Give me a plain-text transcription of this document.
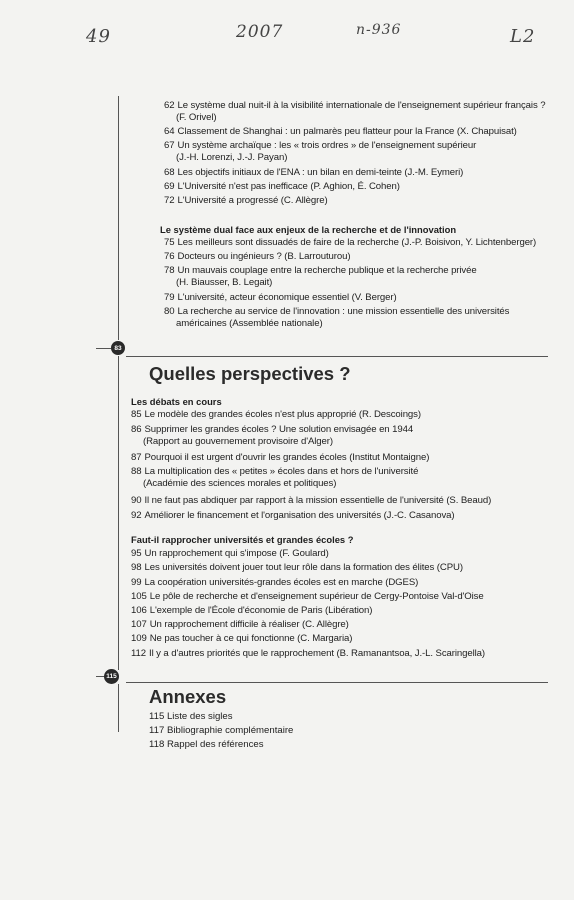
49	2007	n-936	L2
83
115
62 Le système dual nuit-il à la visibilité internationale de l'enseignement supérieur français ?
(F. Orivel)
64 Classement de Shanghai : un palmarès peu flatteur pour la France (X. Chapuisat)
67 Un système archaïque : les « trois ordres » de l'enseignement supérieur
(J.-H. Lorenzi, J.-J. Payan)
68 Les objectifs initiaux de l'ENA : un bilan en demi-teinte (J.-M. Eymeri)
69 L'Université n'est pas inefficace (P. Aghion, É. Cohen)
72 L'Université a progressé (C. Allègre)
Le système dual face aux enjeux de la recherche et de l'innovation
75 Les meilleurs sont dissuadés de faire de la recherche (J.-P. Boisivon, Y. Lichtenberger)
76 Docteurs ou ingénieurs ? (B. Larrouturou)
78 Un mauvais couplage entre la recherche publique et la recherche privée
(H. Biausser, B. Legait)
79 L'université, acteur économique essentiel (V. Berger)
80 La recherche au service de l'innovation : une mission essentielle des universités
américaines (Assemblée nationale)
Quelles perspectives ?
Les débats en cours
85 Le modèle des grandes écoles n'est plus approprié (R. Descoings)
86 Supprimer les grandes écoles ? Une solution envisagée en 1944
(Rapport au gouvernement provisoire d'Alger)
87 Pourquoi il est urgent d'ouvrir les grandes écoles (Institut Montaigne)
88 La multiplication des « petites » écoles dans et hors de l'université
(Académie des sciences morales et politiques)
90 Il ne faut pas abdiquer par rapport à la mission essentielle de l'université (S. Beaud)
92 Améliorer le financement et l'organisation des universités (J.-C. Casanova)
Faut-il rapprocher universités et grandes écoles ?
95 Un rapprochement qui s'impose (F. Goulard)
98 Les universités doivent jouer tout leur rôle dans la formation des élites (CPU)
99 La coopération universités-grandes écoles est en marche (DGES)
105 Le pôle de recherche et d'enseignement supérieur de Cergy-Pontoise Val-d'Oise
106 L'exemple de l'École d'économie de Paris (Libération)
107 Un rapprochement difficile à réaliser (C. Allègre)
109 Ne pas toucher à ce qui fonctionne (C. Margaria)
112 Il y a d'autres priorités que le rapprochement (B. Ramanantsoa, J.-L. Scaringella)
Annexes
115 Liste des sigles
117 Bibliographie complémentaire
118 Rappel des références
